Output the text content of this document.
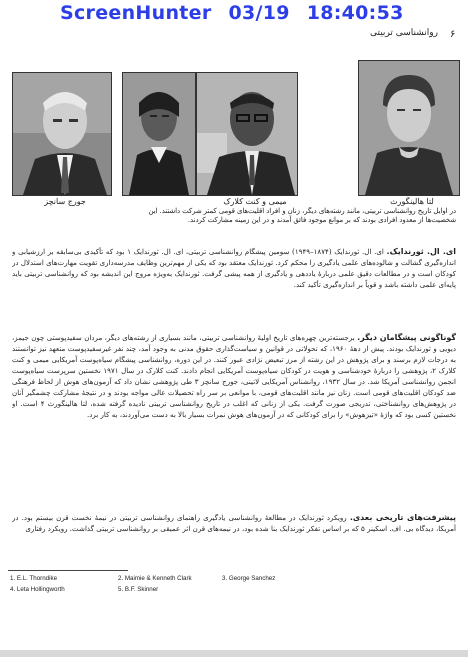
ScreenHunter 03/19 18:40:53
۶
روانشناسی تربیتی
جورج سانچز	میمی و کنت کلارک	لتا هالینگورث
در اوایل تاریخ روانشناسی تربیتی، مانند رشته‌های دیگر، زنان و افراد اقلیت‌های قومی کمتر شرکت داشتند. این شخصیت‌ها از معدود افرادی بودند که بر موانع موجود فائق آمدند و در این زمینه مشارکت کردند.
ای. ال. ثورندایک. ای. ال. ثورندایک (۱۸۷۴–۱۹۴۹) سومین پیشگام روانشناسی تربیتی، ای. ال. ثورندایک ۱ بود که تأکیدی بی‌سابقه بر ارزشیابی و اندازه‌گیری گشالت و شالوده‌های علمی یادگیری را محکم کرد. ثورندایک معتقد بود که یکی از مهم‌ترین وظایف مدرسه‌داری تقویت مهارت‌های استدلال در کودکان است و در مطالعات دقیق علمی دربارهٔ یاددهی و یادگیری از همه پیشی گرفت. ثورندایک به‌ویژه مروج این اندیشه بود که روانشناسی تربیتی باید پایه‌ای علمی داشته باشد و قویاً بر اندازه‌گیری تأکید کند.
گوناگونی پیشگامان دیگر. برجسته‌ترین چهره‌های تاریخ اولیهٔ روانشناسی تربیتی، مانند بسیاری از رشته‌های دیگر، مردان سفیدپوستی چون جیمز، دیویی و ثورندایک بودند. پیش از دههٔ ۱۹۶۰، که تحولاتی در قوانین و سیاست‌گذاری حقوق مدنی به وجود آمد، چند نفر غیرسفیدپوست متعهد نیز توانستند به درجات لازم برسند و برای پژوهش در این رشته از مرز تبعیض نژادی عبور کنند. در این دوره، روانشناسی پیشگام سیاه‌پوست آمریکایی میمی و کنت کلارک ۲، پژوهشی را دربارهٔ خودشناسی و هویت در کودکان سیاه‌پوست آمریکایی انجام دادند. کنت کلارک در سال ۱۹۷۱ نخستین سرپرست سیاه‌پوست انجمن روانشناسی آمریکا شد. در سال ۱۹۳۲، روانشناس آمریکایی لاتینی، جورج سانچز ۳ طی پژوهشی نشان داد که آزمون‌های هوش از لحاظ فرهنگی ضد کودکان اقلیت‌های قومی است. زنان نیز مانند اقلیت‌های قومی، با موانعی بر سر راه تحصیلات عالی مواجه بودند و در نتیجهٔ مشارکت چشمگیر آنان در پژوهش‌های روانشناختی، تدریجی صورت گرفت. یکی از زنانی که اغلب در تاریخ روانشناسی تربیتی نادیده گرفته شده، لتا هالینگورث ۴ است. او نخستین کسی بود که واژهٔ «تیزهوش» را برای کودکانی که در آزمون‌های هوش نمرات بسیار بالا به دست می‌آوردند، به کار برد.
پیشرفت‌های تاریخی بعدی. رویکرد ثورندایک در مطالعهٔ روانشناسی یادگیری راهنمای روانشناسی تربیتی در نیمهٔ نخست قرن بیستم بود. در آمریکا، دیدگاه بی. اف. اسکینر ۵ که بر اساس تفکر ثورندایک بنا شده بود، در نیمه‌های قرن اثر عمیقی بر روانشناسی تربیتی گذاشت. رویکرد رفتاری
1. E.L. Thorndike	2. Maimie & Kenneth Clark	3. George Sanchez
4. Leta Hollingworth	5. B.F. Skinner
